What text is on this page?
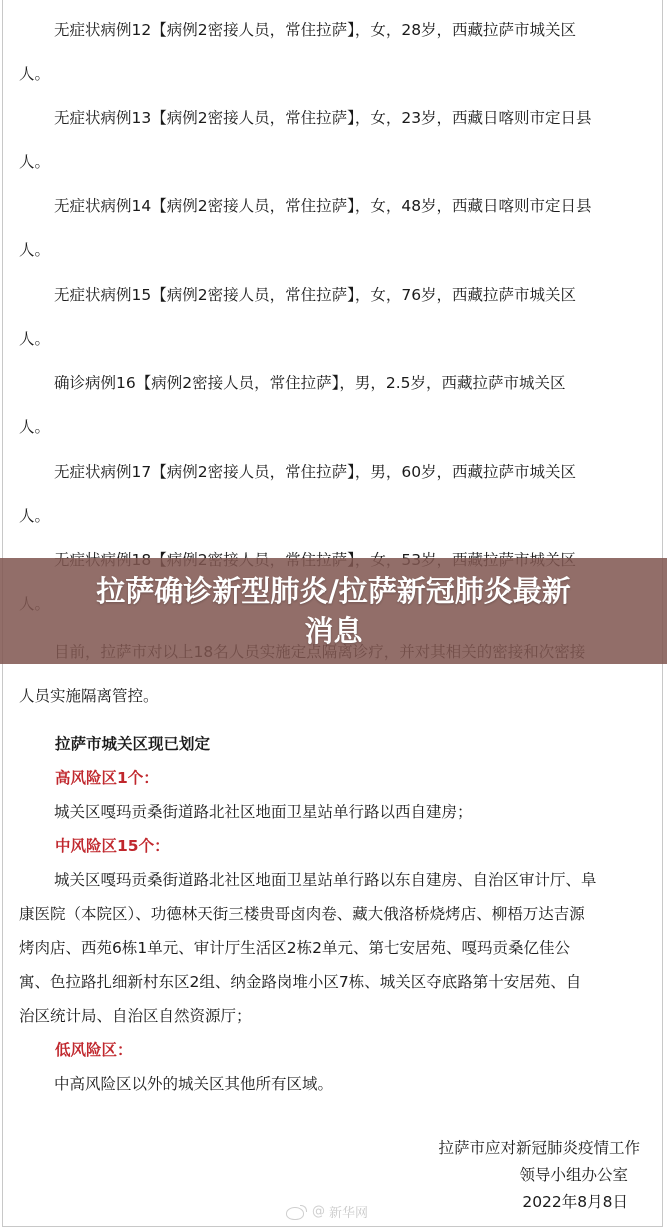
无症状病例12【病例2密接人员，常住拉萨】，女，28岁，西藏拉萨市城关区
人。
无症状病例13【病例2密接人员，常住拉萨】，女，23岁，西藏日喀则市定日县
人。
无症状病例14【病例2密接人员，常住拉萨】，女，48岁，西藏日喀则市定日县
人。
无症状病例15【病例2密接人员，常住拉萨】，女，76岁，西藏拉萨市城关区
人。
确诊病例16【病例2密接人员，常住拉萨】，男，2.5岁，西藏拉萨市城关区
人。
无症状病例17【病例2密接人员，常住拉萨】，男，60岁，西藏拉萨市城关区
人。
人员实施隔离管控。
拉萨市城关区现已划定
高风险区1个：
城关区嘎玛贡桑街道路北社区地面卫星站单行路以西自建房；
中风险区15个：
城关区嘎玛贡桑街道路北社区地面卫星站单行路以东自建房、自治区审计厅、阜
康医院（本院区）、功德林天街三楼贵哥卤肉卷、藏大俄洛桥烧烤店、柳梧万达吉源
烤肉店、西苑6栋1单元、审计厅生活区2栋2单元、第七安居苑、嘎玛贡桑亿佳公
寓、色拉路扎细新村东区2组、纳金路岗堆小区7栋、城关区夺底路第十安居苑、自
治区统计局、自治区自然资源厅；
低风险区：
中高风险区以外的城关区其他所有区域。
拉萨市应对新冠肺炎疫情工作
领导小组办公室
2022年8月8日
@ 新华网
拉萨确诊新型肺炎/拉萨新冠肺炎最新
消息
